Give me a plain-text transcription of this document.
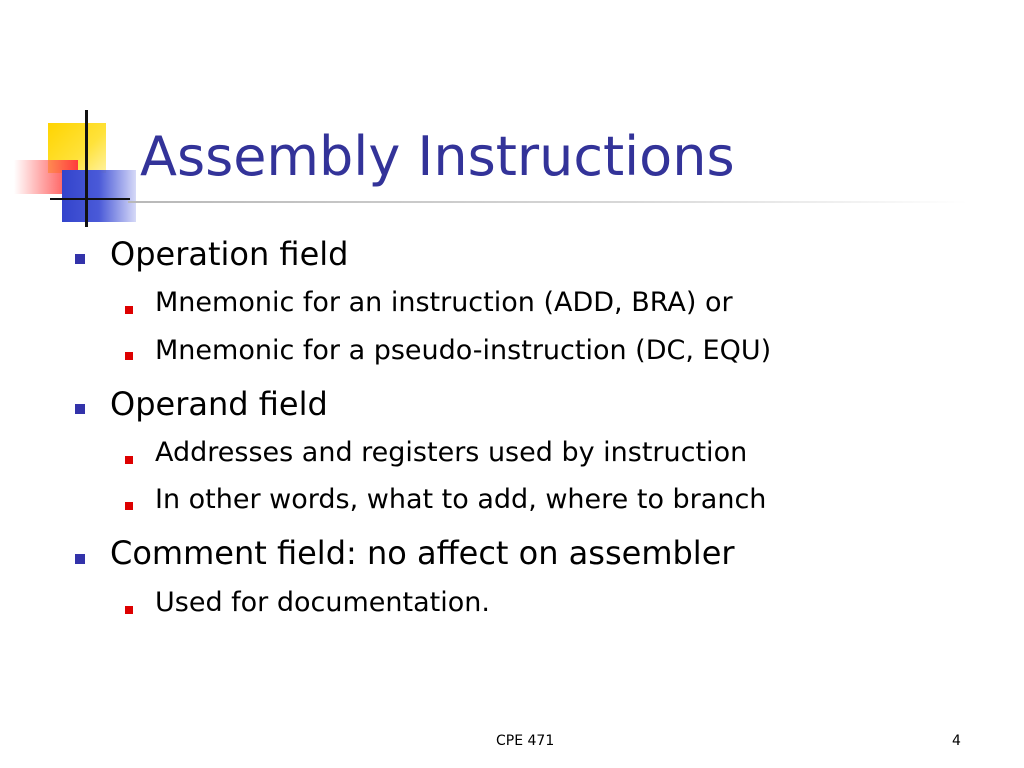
Assembly Instructions
Operation field
Mnemonic for an instruction (ADD, BRA) or
Mnemonic for a pseudo-instruction (DC, EQU)
Operand field
Addresses and registers used by instruction
In other words, what to add, where to branch
Comment field: no affect on assembler
Used for documentation.
CPE 471	4
